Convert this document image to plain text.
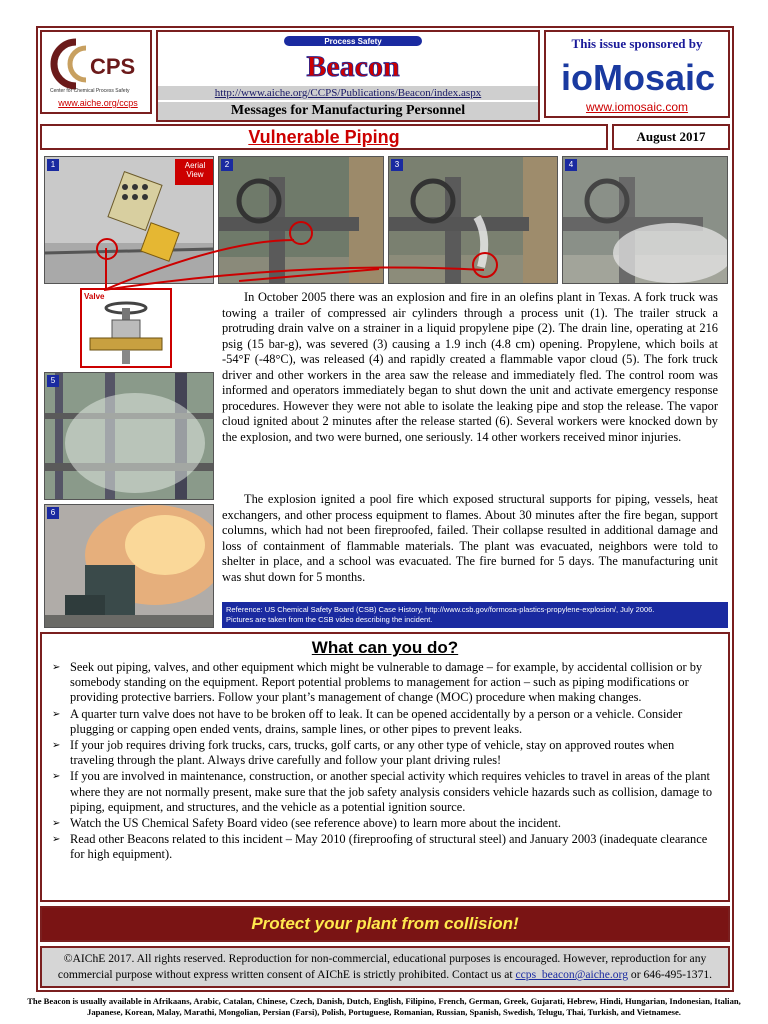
CPS
Center for Chemical Process Safety
www.aiche.org/ccps
Process Safety
Beacon
http://www.aiche.org/CCPS/Publications/Beacon/index.aspx
Messages for Manufacturing Personnel
This issue sponsored by
ioMosaic
www.iomosaic.com
Vulnerable Piping	August 2017
1	Aerial
View
2	3	4
Valve
5
6

In October 2005 there was an explosion and fire in an olefins plant in Texas. A fork truck was towing a trailer of compressed air cylinders through a process unit (1). The trailer struck a protruding drain valve on a strainer in a liquid propylene pipe (2). The drain line, operating at 216 psig (15 bar-g), was severed (3) causing a 1.9 inch (4.8 cm) opening. Propylene, which boils at -54°F (-48°C), was released (4) and rapidly created a flammable vapor cloud (5). The fork truck driver and other workers in the area saw the release and immediately fled. The control room was informed and operators immediately began to shut down the unit and activate emergency response procedures. However they were not able to isolate the leaking pipe and stop the release. The vapor cloud ignited about 2 minutes after the release started (6). Several workers were knocked down by the explosion, and two were burned, one seriously. 14 other workers received minor injuries.

The explosion ignited a pool fire which exposed structural supports for piping, vessels, heat exchangers, and other process equipment to flames. About 30 minutes after the fire began, support columns, which had not been fireproofed, failed. Their collapse resulted in additional damage and loss of containment of flammable materials. The plant was evacuated, neighbors were told to shelter in place, and a school was evacuated. The fire burned for 5 days. The manufacturing unit was shut down for 5 months.

Reference: US Chemical Safety Board (CSB) Case History, http://www.csb.gov/formosa-plastics-propylene-explosion/, July 2006.
Pictures are taken from the CSB video describing the incident.
What can you do?
➢ Seek out piping, valves, and other equipment which might be vulnerable to damage – for example, by accidental collision or by somebody standing on the equipment. Report potential problems to management for action – such as piping modifications or providing protective barriers. Follow your plant’s management of change (MOC) procedure when making changes.
➢ A quarter turn valve does not have to be broken off to leak. It can be opened accidentally by a person or a vehicle. Consider plugging or capping open ended vents, drains, sample lines, or other pipes to prevent leaks.
➢ If your job requires driving fork trucks, cars, trucks, golf carts, or any other type of vehicle, stay on approved routes when traveling through the plant. Always drive carefully and follow your plant driving rules!
➢ If you are involved in maintenance, construction, or another special activity which requires vehicles to travel in areas of the plant where they are not normally present, make sure that the job safety analysis considers vehicle hazards such as collision, damage to piping, equipment, and structures, and the vehicle as a potential ignition source.
➢ Watch the US Chemical Safety Board video (see reference above) to learn more about the incident.
➢ Read other Beacons related to this incident – May 2010 (fireproofing of structural steel) and January 2003 (inadequate clearance for high equipment).
Protect your plant from collision!
©AIChE 2017. All rights reserved. Reproduction for non-commercial, educational purposes is encouraged. However, reproduction for any commercial purpose without express written consent of AIChE is strictly prohibited. Contact us at ccps_beacon@aiche.org or 646-495-1371.
The Beacon is usually available in Afrikaans, Arabic, Catalan, Chinese, Czech, Danish, Dutch, English, Filipino, French, German, Greek, Gujarati, Hebrew, Hindi, Hungarian, Indonesian, Italian, Japanese, Korean, Malay, Marathi, Mongolian, Persian (Farsi), Polish, Portuguese, Romanian, Russian, Spanish, Swedish, Telugu, Thai, Turkish, and Vietnamese.
